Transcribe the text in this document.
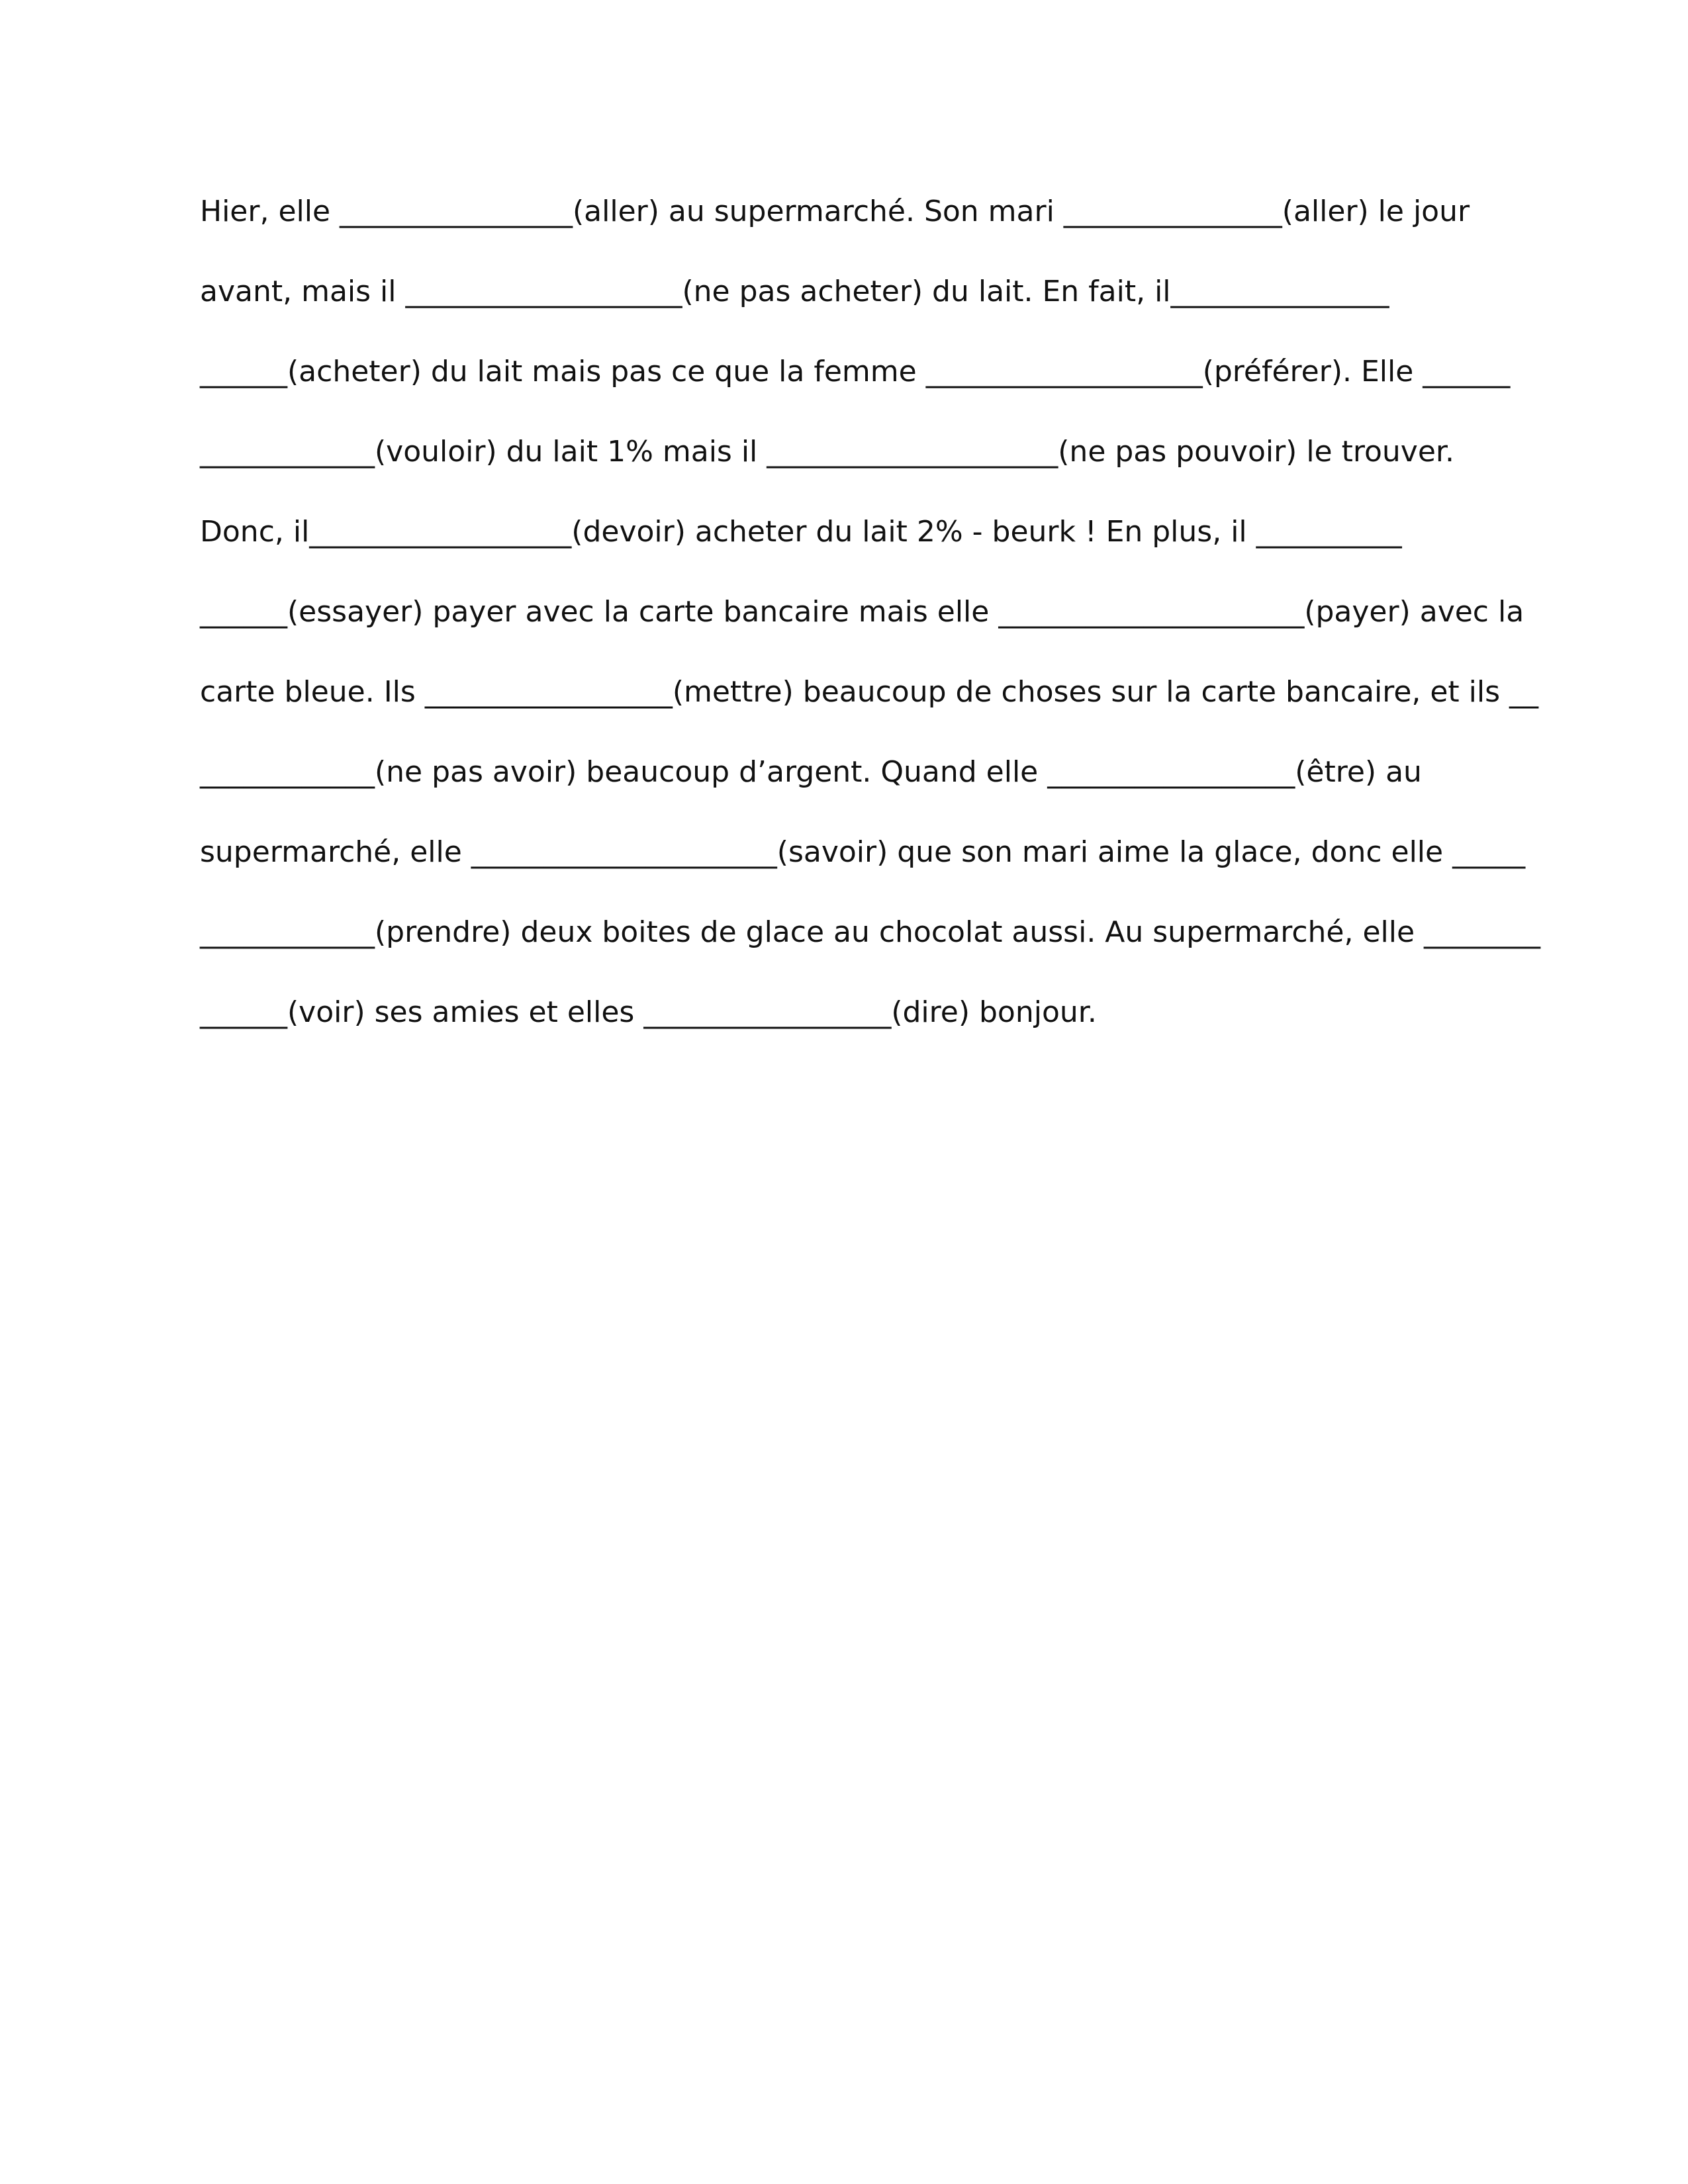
Hier, elle ________________(aller) au supermarché. Son mari _______________(aller) le jour
avant, mais il ___________________(ne pas acheter) du lait. En fait, il_______________
______(acheter) du lait mais pas ce que la femme ___________________(préférer). Elle ______
____________(vouloir) du lait 1% mais il ____________________(ne pas pouvoir) le trouver.
Donc, il__________________(devoir) acheter du lait 2% - beurk ! En plus, il __________
______(essayer) payer avec la carte bancaire mais elle _____________________(payer) avec la
carte bleue. Ils _________________(mettre) beaucoup de choses sur la carte bancaire, et ils __
____________(ne pas avoir) beaucoup d’argent. Quand elle _________________(être) au
supermarché, elle _____________________(savoir) que son mari aime la glace, donc elle _____
____________(prendre) deux boites de glace au chocolat aussi. Au supermarché, elle ________
______(voir) ses amies et elles _________________(dire) bonjour.
